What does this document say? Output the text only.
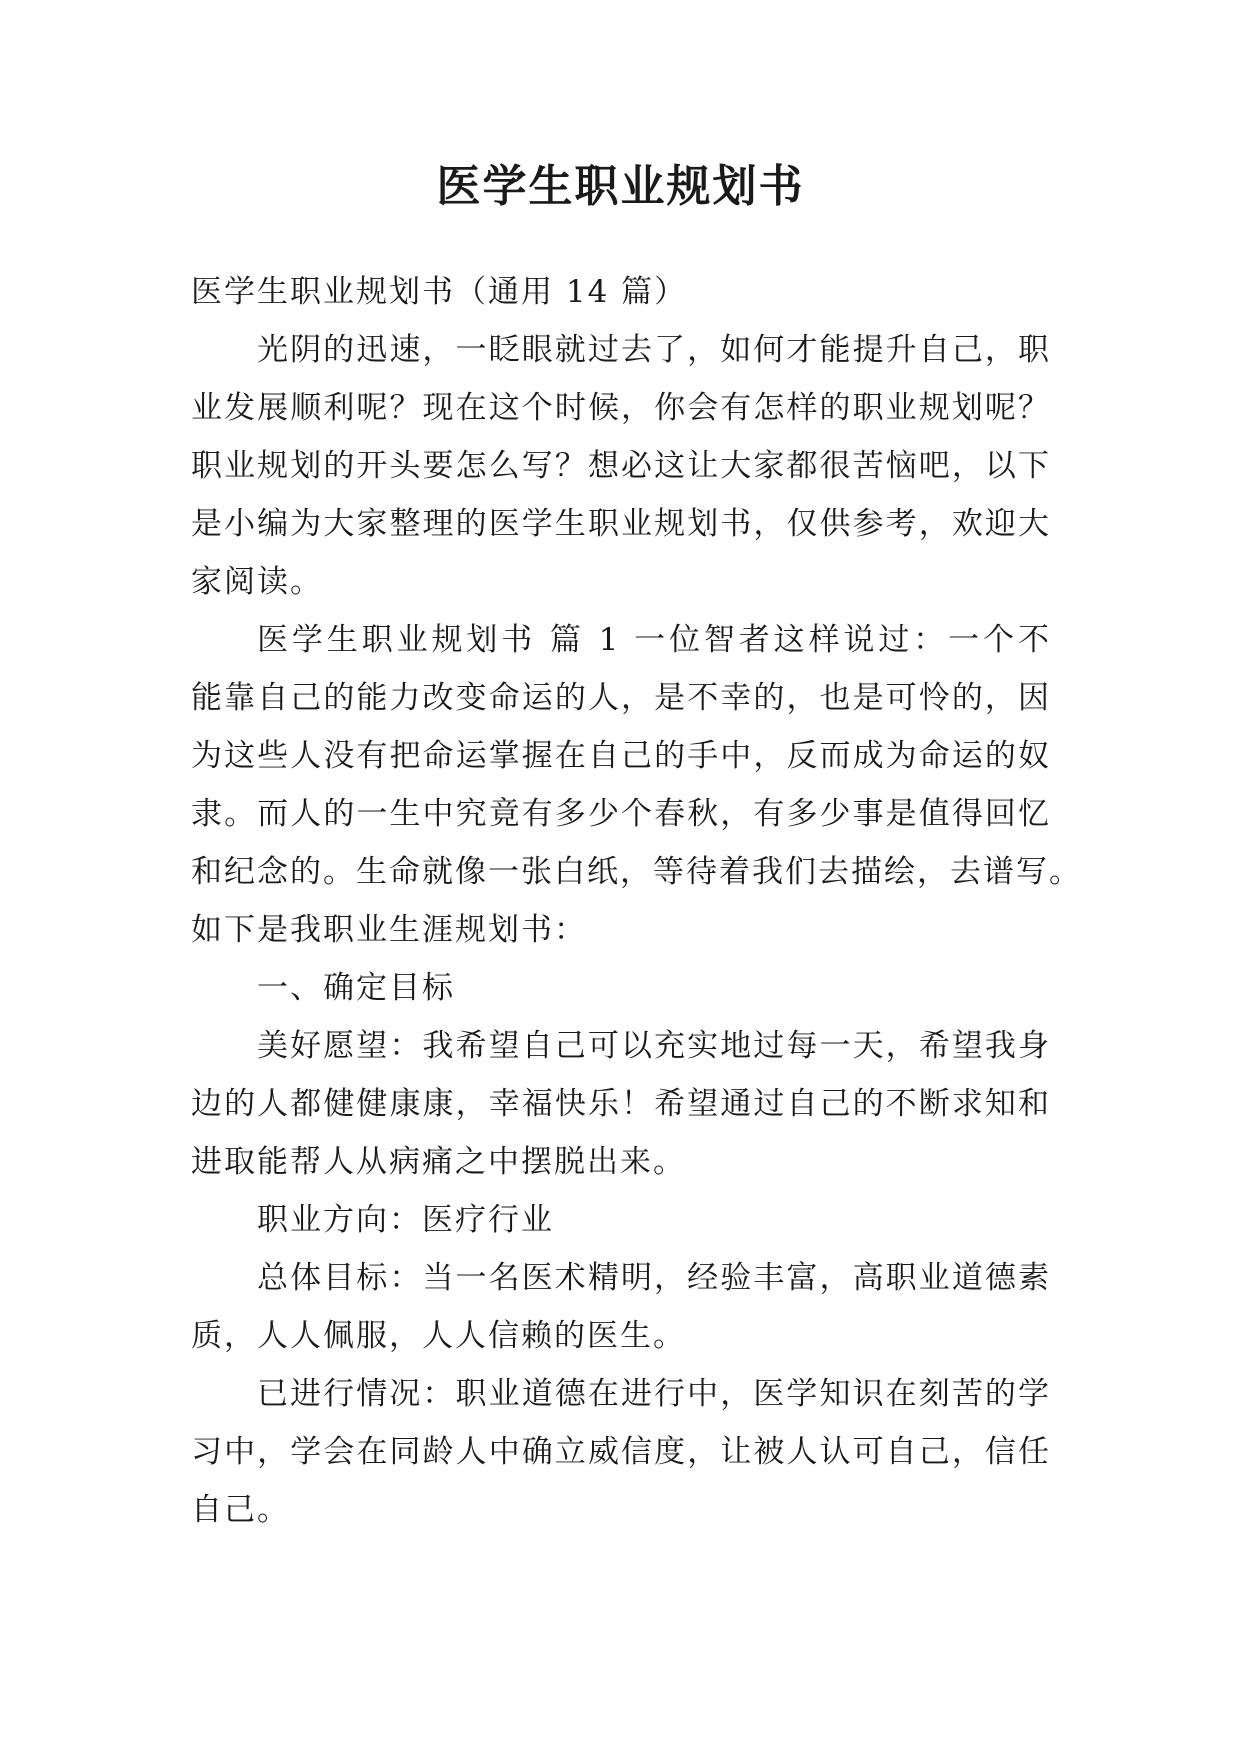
医学生职业规划书
医学生职业规划书（通用 14 篇）
光阴的迅速，一眨眼就过去了，如何才能提升自己，职
业发展顺利呢？现在这个时候，你会有怎样的职业规划呢？
职业规划的开头要怎么写？想必这让大家都很苦恼吧，以下
是小编为大家整理的医学生职业规划书，仅供参考，欢迎大
家阅读。
医学生职业规划书 篇 1 一位智者这样说过：一个不
能靠自己的能力改变命运的人，是不幸的，也是可怜的，因
为这些人没有把命运掌握在自己的手中，反而成为命运的奴
隶。而人的一生中究竟有多少个春秋，有多少事是值得回忆
和纪念的。生命就像一张白纸，等待着我们去描绘，去谱写。
如下是我职业生涯规划书：
一、确定目标
美好愿望：我希望自己可以充实地过每一天，希望我身
边的人都健健康康，幸福快乐！希望通过自己的不断求知和
进取能帮人从病痛之中摆脱出来。
职业方向：医疗行业
总体目标：当一名医术精明，经验丰富，高职业道德素
质，人人佩服，人人信赖的医生。
已进行情况：职业道德在进行中，医学知识在刻苦的学
习中，学会在同龄人中确立威信度，让被人认可自己，信任
自己。
